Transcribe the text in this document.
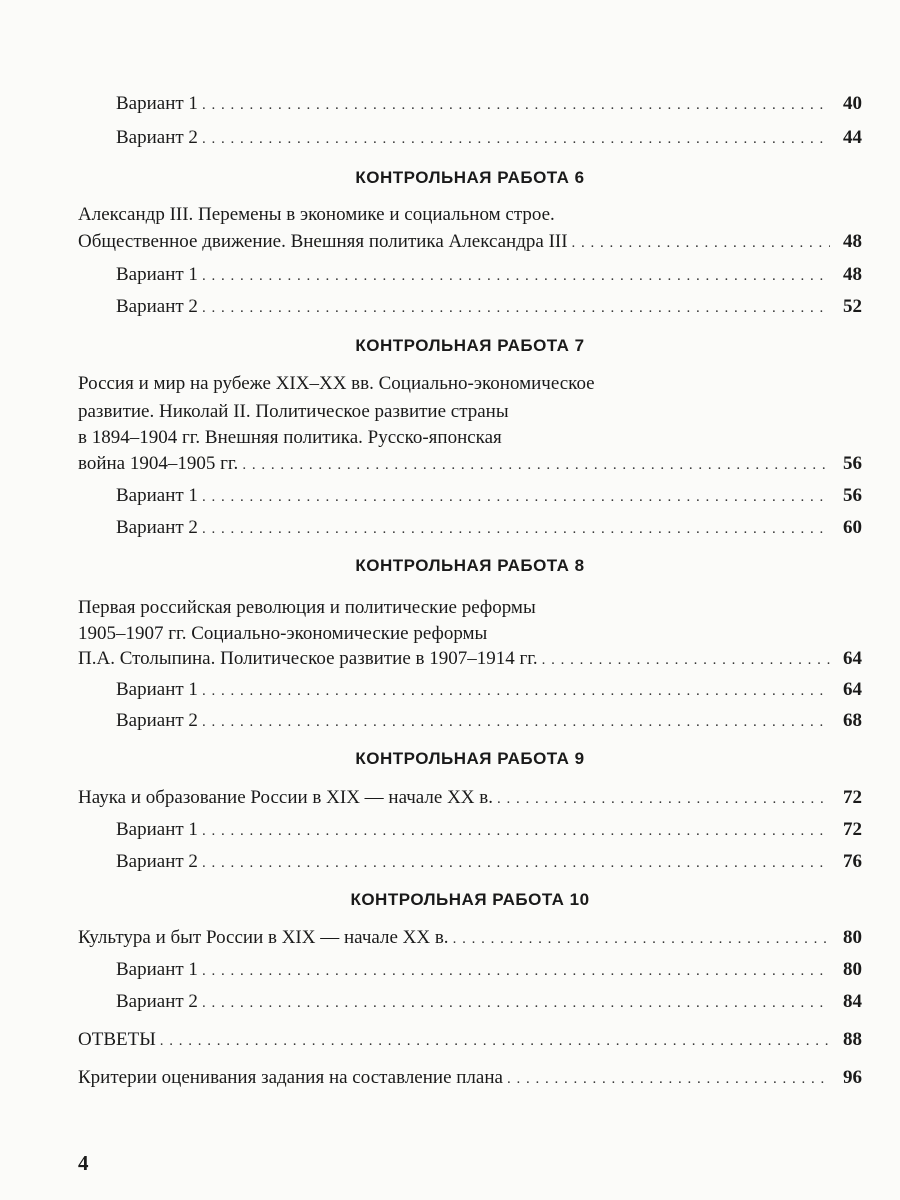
Вариант 1 . . .	40
Вариант 2 . . .	44
КОНТРОЛЬНАЯ РАБОТА 6
Александр III. Перемены в экономике и социальном строе.
Общественное движение. Внешняя политика Александра III . . .	48
Вариант 1 . . .	48
Вариант 2 . . .	52
КОНТРОЛЬНАЯ РАБОТА 7
Россия и мир на рубеже XIX–XX вв. Социально-экономическое
развитие. Николай II. Политическое развитие страны
в 1894–1904 гг. Внешняя политика. Русско-японская
война 1904–1905 гг. . . .	56
Вариант 1 . . .	56
Вариант 2 . . .	60
КОНТРОЛЬНАЯ РАБОТА 8
Первая российская революция и политические реформы
1905–1907 гг. Социально-экономические реформы
П.А. Столыпина. Политическое развитие в 1907–1914 гг. . . .	64
Вариант 1 . . .	64
Вариант 2 . . .	68
КОНТРОЛЬНАЯ РАБОТА 9
Наука и образование России в XIX — начале XX в. . . .	72
Вариант 1 . . .	72
Вариант 2 . . .	76
КОНТРОЛЬНАЯ РАБОТА 10
Культура и быт России в XIX — начале XX в. . . .	80
Вариант 1 . . .	80
Вариант 2 . . .	84
ОТВЕТЫ . . .	88
Критерии оценивания задания на составление плана . . .	96
4
